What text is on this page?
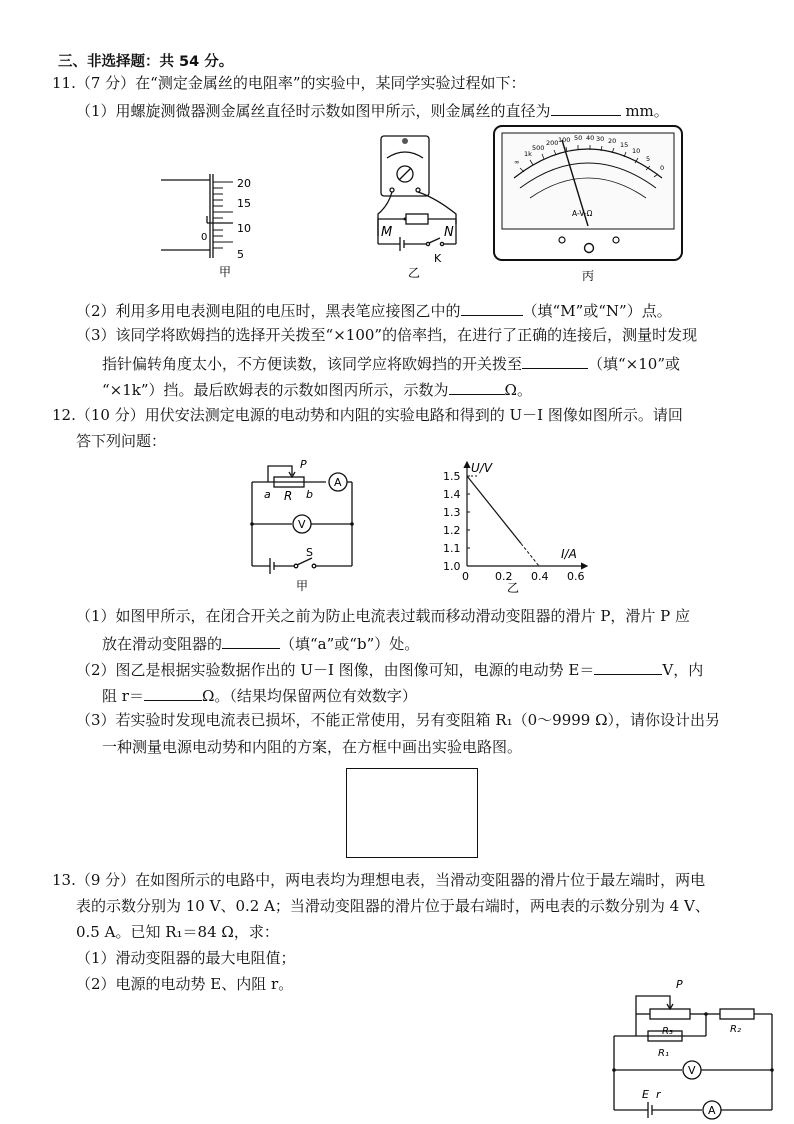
三、非选择题：共 54 分。
11.（7 分）在“测定金属丝的电阻率”的实验中，某同学实验过程如下：
（1）用螺旋测微器测金属丝直径时示数如图甲所示，则金属丝的直径为	mm。
20
15
10
5
0
甲
M	N
K
乙
∞
1k
500
200 100 50 40 30 20 15
10
5
0
A-V-Ω
丙
（2）利用多用电表测电阻的电压时，黑表笔应接图乙中的	（填“M”或“N”）点。
（3）该同学将欧姆挡的选择开关拨至“×100”的倍率挡，在进行了正确的连接后，测量时发现
指针偏转角度太小，不方便读数，该同学应将欧姆挡的开关拨至	（填“×10”或
“×1k”）挡。最后欧姆表的示数如图丙所示，示数为	Ω。
12.（10 分）用伏安法测定电源的电动势和内阻的实验电路和得到的 U－I 图像如图所示。请回
答下列问题：
P
a R b
A
V
S
甲
1.5
1.4
1.3
1.2
1.1
1.0
0 0.2 0.4 0.6
U/V
I/A
乙
（1）如图甲所示，在闭合开关之前为防止电流表过载而移动滑动变阻器的滑片 P，滑片 P 应
放在滑动变阻器的	（填“a”或“b”）处。
（2）图乙是根据实验数据作出的 U－I 图像，由图像可知，电源的电动势 E＝	V，内
阻 r＝	Ω。（结果均保留两位有效数字）
（3）若实验时发现电流表已损坏，不能正常使用，另有变阻箱 R₁（0～9999 Ω），请你设计出另
一种测量电源电动势和内阻的方案，在方框中画出实验电路图。
13.（9 分）在如图所示的电路中，两电表均为理想电表，当滑动变阻器的滑片位于最左端时，两电
表的示数分别为 10 V、0.2 A；当滑动变阻器的滑片位于最右端时，两电表的示数分别为 4 V、
0.5 A。已知 R₁＝84 Ω，求：
（1）滑动变阻器的最大电阻值；
（2）电源的电动势 E、内阻 r。	P
R₃	R₂
R₁
V
E r
A
